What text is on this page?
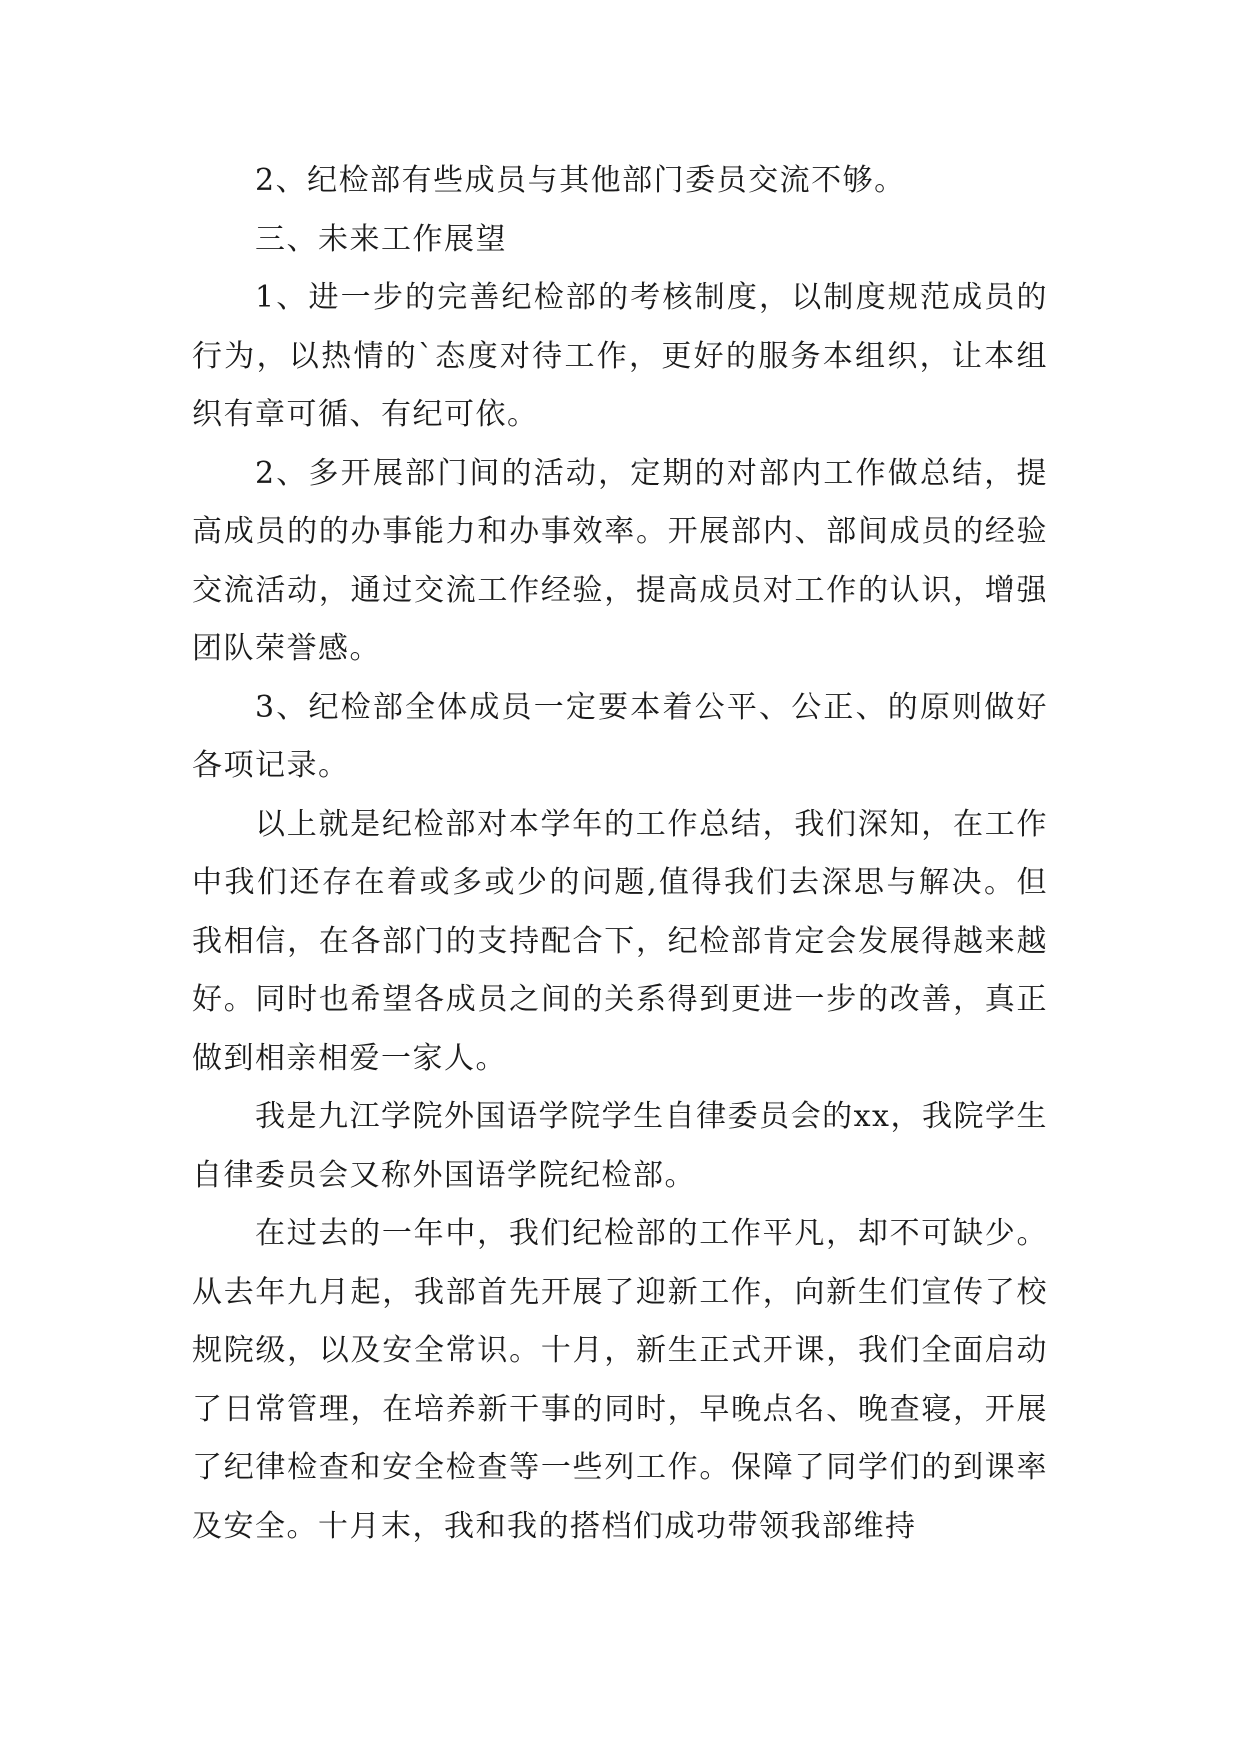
2、纪检部有些成员与其他部门委员交流不够。

三、未来工作展望

1、进一步的完善纪检部的考核制度，以制度规范成员的行为，以热情的`态度对待工作，更好的服务本组织，让本组织有章可循、有纪可依。

2、多开展部门间的活动，定期的对部内工作做总结，提高成员的的办事能力和办事效率。开展部内、部间成员的经验交流活动，通过交流工作经验，提高成员对工作的认识，增强团队荣誉感。

3、纪检部全体成员一定要本着公平、公正、的原则做好各项记录。

以上就是纪检部对本学年的工作总结，我们深知，在工作中我们还存在着或多或少的问题,值得我们去深思与解决。但我相信，在各部门的支持配合下，纪检部肯定会发展得越来越好。同时也希望各成员之间的关系得到更进一步的改善，真正做到相亲相爱一家人。

我是九江学院外国语学院学生自律委员会的xx，我院学生自律委员会又称外国语学院纪检部。

在过去的一年中，我们纪检部的工作平凡，却不可缺少。从去年九月起，我部首先开展了迎新工作，向新生们宣传了校规院级，以及安全常识。十月，新生正式开课，我们全面启动了日常管理，在培养新干事的同时，早晚点名、晚查寝，开展了纪律检查和安全检查等一些列工作。保障了同学们的到课率及安全。十月末，我和我的搭档们成功带领我部维持
